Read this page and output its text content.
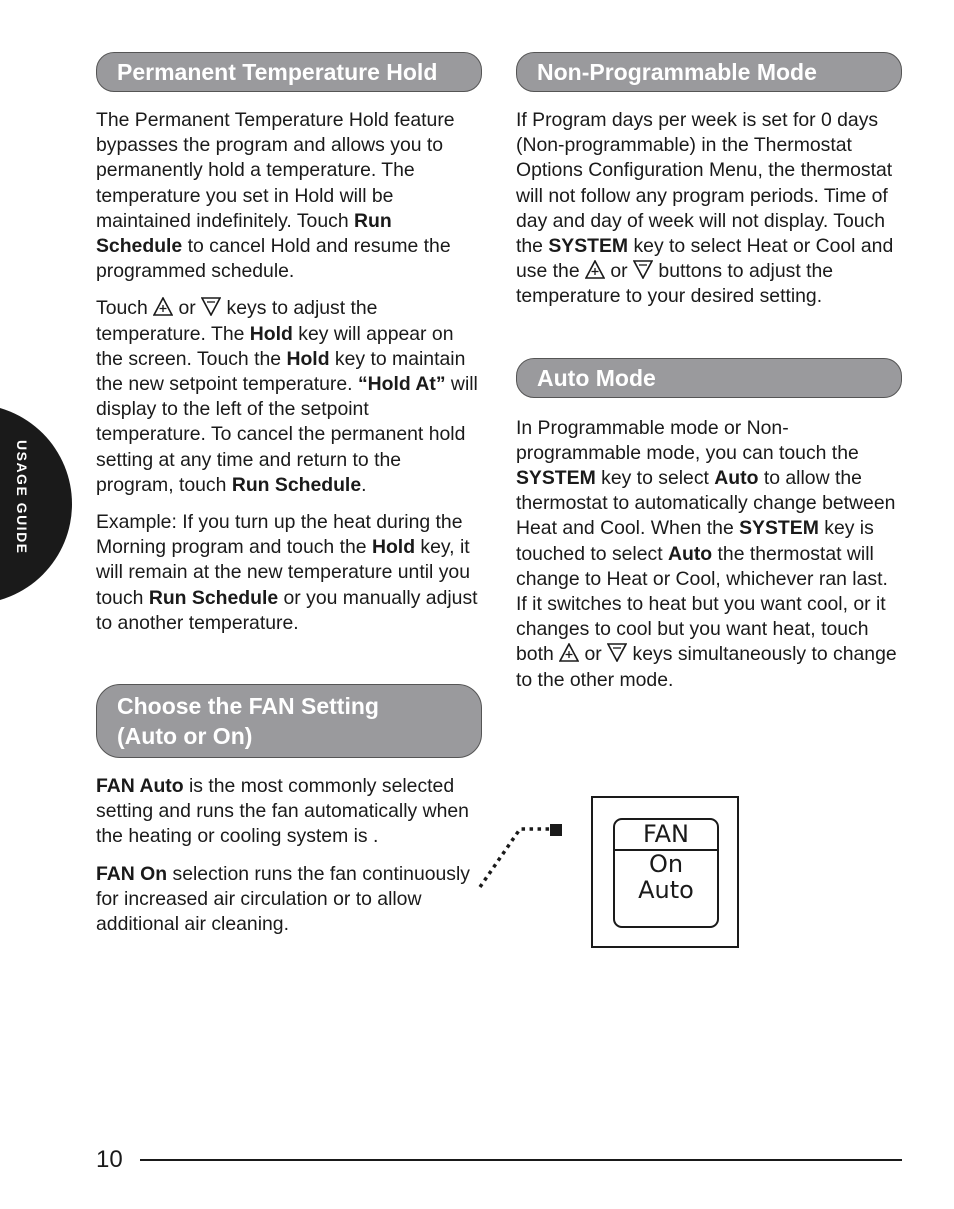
USAGE GUIDE
Permanent Temperature Hold

The Permanent Temperature Hold feature bypasses the program and allows you to permanently hold a temperature. The temperature you set in Hold will be maintained indefinitely. Touch Run Schedule to cancel Hold and resume the programmed schedule.

Touch  or  keys to adjust the temperature. The Hold key will appear on the screen. Touch the Hold key to maintain the new setpoint temperature. “Hold At” will display to the left of the setpoint temperature. To cancel the permanent hold setting at any time and return to the program, touch Run Schedule.

Example: If you turn up the heat during the Morning program and touch the Hold key, it will remain at the new temperature until you touch Run Schedule or you manually adjust to another temperature.

Choose the FAN Setting
(Auto or On)

FAN Auto is the most commonly selected setting and runs the fan automatically when the heating or cooling system is .

FAN On selection runs the fan continuously for increased air circulation or to allow additional air cleaning.

Non-Programmable Mode

If Program days per week is set for 0 days (Non-programmable) in the Thermostat Options Configuration Menu, the thermostat will not follow any program periods. Time of day and day of week will not display. Touch the SYSTEM key to select Heat or Cool and use the  or  buttons to adjust the temperature to your desired setting.

Auto Mode

In Programmable mode or Non-programmable mode, you can touch the SYSTEM key to select Auto to allow the thermostat to automatically change between Heat and Cool. When the SYSTEM key is touched to select Auto the thermostat will change to Heat or Cool, whichever ran last. If it switches to heat but you want cool, or it changes to cool but you want heat, touch both  or  keys simultaneously to change to the other mode.

FAN
On
Auto
10
